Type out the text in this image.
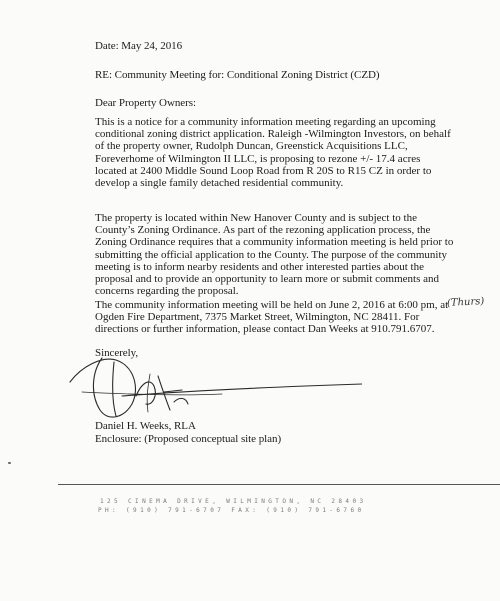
Date: May 24, 2016
RE: Community Meeting for: Conditional Zoning District (CZD)
Dear Property Owners:
This is a notice for a community information meeting regarding an upcoming
conditional zoning district application. Raleigh -Wilmington Investors, on behalf
of the property owner, Rudolph Duncan, Greenstick Acquisitions LLC,
Foreverhome of Wilmington II LLC, is proposing to rezone +/- 17.4 acres
located at 2400 Middle Sound Loop Road from R 20S to R15 CZ in order to
develop a single family detached residential community.
The property is located within New Hanover County and is subject to the
County’s Zoning Ordinance. As part of the rezoning application process, the
Zoning Ordinance requires that a community information meeting is held prior to
submitting the official application to the County. The purpose of the community
meeting is to inform nearby residents and other interested parties about the
proposal and to provide an opportunity to learn more or submit comments and
concerns regarding the proposal.
The community information meeting will be held on June 2, 2016 at 6:00 pm, at
Ogden Fire Department, 7375 Market Street, Wilmington, NC 28411. For
directions or further information, please contact Dan Weeks at 910.791.6707.
(Thurs)
Sincerely,
Daniel H. Weeks, RLA
Enclosure: (Proposed conceptual site plan)
125 CINEMA DRIVE, WILMINGTON, NC 28403
PH: (910) 791-6707 FAX: (910) 791-6760
